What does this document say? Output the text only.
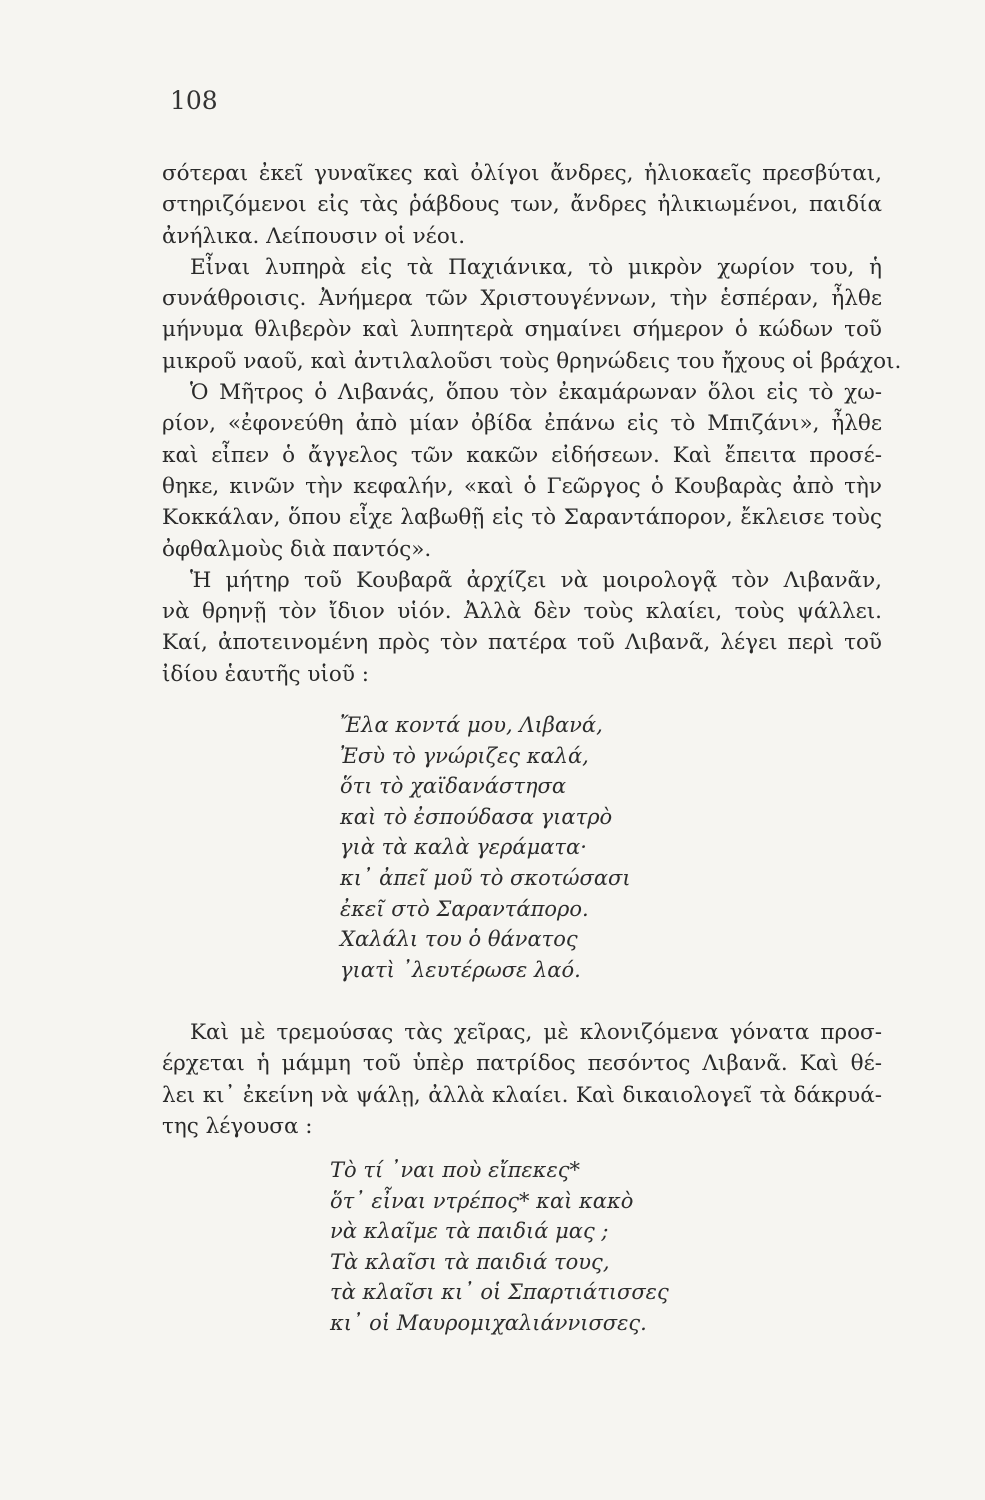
108
σότεραι ἐκεῖ γυναῖκες καὶ ὀλίγοι ἄνδρες, ἡλιοκαεῖς πρεσβύται,
στηριζόμενοι εἰς τὰς ῥάβδους των, ἄνδρες ἠλικιωμένοι, παιδία
ἀνήλικα. Λείπουσιν οἱ νέοι.
Εἶναι λυπηρὰ εἰς τὰ Παχιάνικα, τὸ μικρὸν χωρίον του, ἡ
συνάθροισις. Ἀνήμερα τῶν Χριστουγέννων, τὴν ἑσπέραν, ἦλθε
μήνυμα θλιβερὸν καὶ λυπητερὰ σημαίνει σήμερον ὁ κώδων τοῦ
μικροῦ ναοῦ, καὶ ἀντιλαλοῦσι τοὺς θρηνώδεις του ἤχους οἱ βράχοι.
Ὁ Μῆτρος ὁ Λιβανάς, ὅπου τὸν ἐκαμάρωναν ὅλοι εἰς τὸ χω-
ρίον, «ἐφονεύθη ἀπὸ μίαν ὀβίδα ἐπάνω εἰς τὸ Μπιζάνι», ἦλθε
καὶ εἶπεν ὁ ἄγγελος τῶν κακῶν εἰδήσεων. Καὶ ἔπειτα προσέ-
θηκε, κινῶν τὴν κεφαλήν, «καὶ ὁ Γεῶργος ὁ Κουβαρὰς ἀπὸ τὴν
Κοκκάλαν, ὅπου εἶχε λαβωθῇ εἰς τὸ Σαραντάπορον, ἔκλεισε τοὺς
ὀφθαλμοὺς διὰ παντός».
Ἡ μήτηρ τοῦ Κουβαρᾶ ἀρχίζει νὰ μοιρολογᾷ τὸν Λιβανᾶν,
νὰ θρηνῇ τὸν ἴδιον υἱόν. Ἀλλὰ δὲν τοὺς κλαίει, τοὺς ψάλλει.
Καί, ἀποτεινομένη πρὸς τὸν πατέρα τοῦ Λιβανᾶ, λέγει περὶ τοῦ
ἰδίου ἑαυτῆς υἱοῦ :
Ἔλα κοντά μου, Λιβανά,
Ἐσὺ τὸ γνώριζες καλά,
ὅτι τὸ χαϊδανάστησα
καὶ τὸ ἐσπούδασα γιατρὸ
γιὰ τὰ καλὰ γεράματα·
κι᾽ ἀπεῖ μοῦ τὸ σκοτώσασι
ἐκεῖ στὸ Σαραντάπορο.
Χαλάλι του ὁ θάνατος
γιατὶ ᾽λευτέρωσε λαό.
Καὶ μὲ τρεμούσας τὰς χεῖρας, μὲ κλονιζόμενα γόνατα προσ-
έρχεται ἡ μάμμη τοῦ ὑπὲρ πατρίδος πεσόντος Λιβανᾶ. Καὶ θέ-
λει κι᾽ ἐκείνη νὰ ψάλῃ, ἀλλὰ κλαίει. Καὶ δικαιολογεῖ τὰ δάκρυά-
της λέγουσα :
Τὸ τί ᾽ναι ποὺ εἴπεκες*
ὅτ᾽ εἶναι ντρέπος* καὶ κακὸ
νὰ κλαῖμε τὰ παιδιά μας ;
Τὰ κλαῖσι τὰ παιδιά τους,
τὰ κλαῖσι κι᾽ οἱ Σπαρτιάτισσες
κι᾽ οἱ Μαυρομιχαλιάννισσες.
